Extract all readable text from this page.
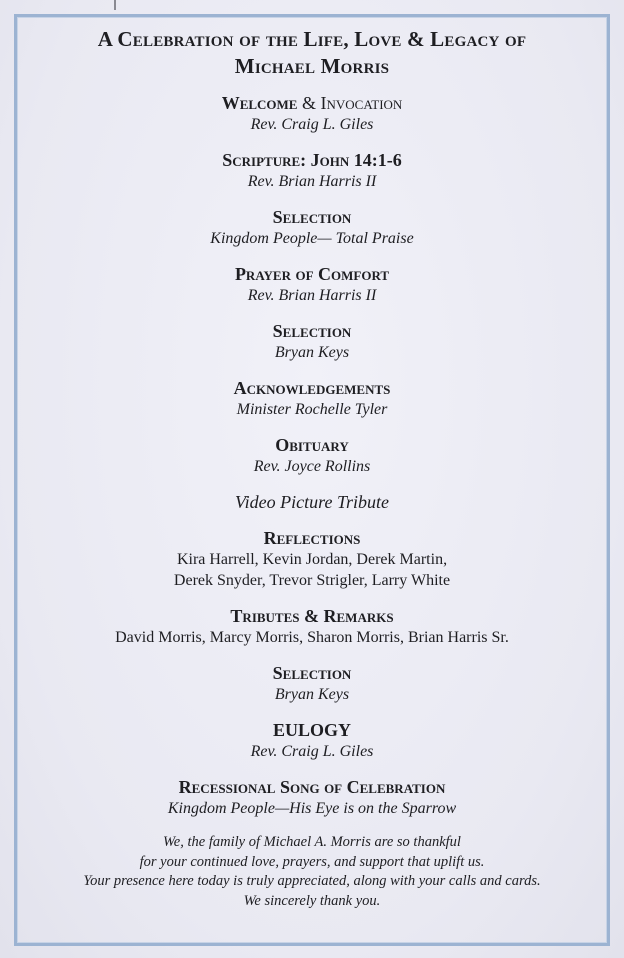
A Celebration of the Life, Love & Legacy of
Michael Morris
Welcome & Invocation
Rev. Craig L. Giles
Scripture: John 14:1-6
Rev. Brian Harris II
Selection
Kingdom People— Total Praise
Prayer of Comfort
Rev. Brian Harris II
Selection
Bryan Keys
Acknowledgements
Minister Rochelle Tyler
Obituary
Rev. Joyce Rollins
Video Picture Tribute
Reflections
Kira Harrell, Kevin Jordan, Derek Martin,
Derek Snyder, Trevor Strigler, Larry White
Tributes & Remarks
David Morris, Marcy Morris, Sharon Morris, Brian Harris Sr.
Selection
Bryan Keys
EULOGY
Rev. Craig L. Giles
Recessional Song of Celebration
Kingdom People—His Eye is on the Sparrow
We, the family of Michael A. Morris are so thankful
for your continued love, prayers, and support that uplift us.
Your presence here today is truly appreciated, along with your calls and cards.
We sincerely thank you.
